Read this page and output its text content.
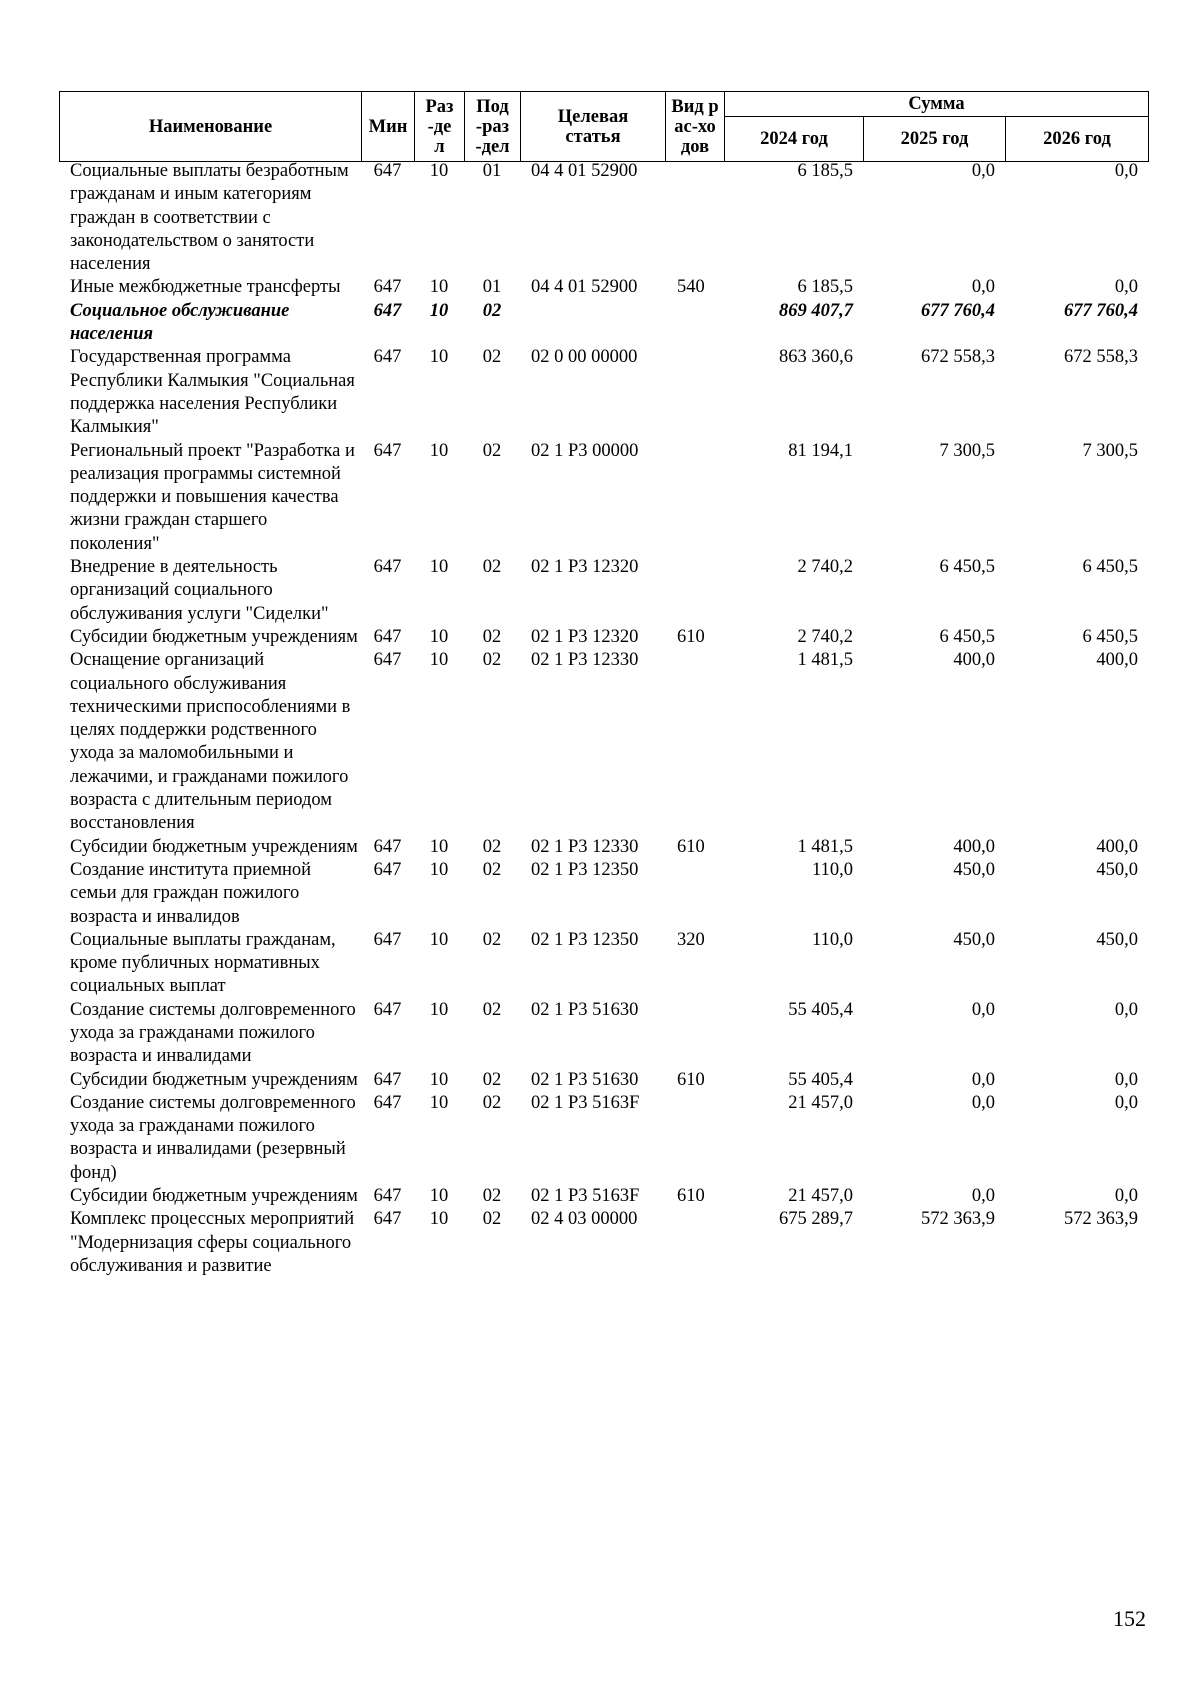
Наименование	Мин	Раз-дел	Под-раз-дел	Целевая статья	Вид рас-ходов	Сумма		
						2024 год	2025 год	2026 год
Социальные выплаты безработным гражданам и иным категориям граждан в соответствии с законодательством о занятости населения	647	10	01	04 4 01 52900		6 185,5	0,0	0,0
Иные межбюджетные трансферты	647	10	01	04 4 01 52900	540	6 185,5	0,0	0,0
Социальное обслуживание населения	647	10	02			869 407,7	677 760,4	677 760,4
Государственная программа Республики Калмыкия "Социальная поддержка населения Республики Калмыкия"	647	10	02	02 0 00 00000		863 360,6	672 558,3	672 558,3
Региональный проект "Разработка и реализация программы системной поддержки и повышения качества жизни граждан старшего поколения"	647	10	02	02 1 P3 00000		81 194,1	7 300,5	7 300,5
Внедрение в деятельность организаций социального обслуживания услуги "Сиделки"	647	10	02	02 1 P3 12320		2 740,2	6 450,5	6 450,5
Субсидии бюджетным учреждениям	647	10	02	02 1 P3 12320	610	2 740,2	6 450,5	6 450,5
Оснащение организаций социального обслуживания техническими приспособлениями в целях поддержки родственного ухода за маломобильными и лежачими, и гражданами пожилого возраста с длительным периодом восстановления	647	10	02	02 1 P3 12330		1 481,5	400,0	400,0
Субсидии бюджетным учреждениям	647	10	02	02 1 P3 12330	610	1 481,5	400,0	400,0
Создание института приемной семьи для граждан пожилого возраста и инвалидов	647	10	02	02 1 P3 12350		110,0	450,0	450,0
Социальные выплаты гражданам, кроме публичных нормативных социальных выплат	647	10	02	02 1 P3 12350	320	110,0	450,0	450,0
Создание системы долговременного ухода за гражданами пожилого возраста и инвалидами	647	10	02	02 1 P3 51630		55 405,4	0,0	0,0
Субсидии бюджетным учреждениям	647	10	02	02 1 P3 51630	610	55 405,4	0,0	0,0
Создание системы долговременного ухода за гражданами пожилого возраста и инвалидами (резервный фонд)	647	10	02	02 1 P3 5163F		21 457,0	0,0	0,0
Субсидии бюджетным учреждениям	647	10	02	02 1 P3 5163F	610	21 457,0	0,0	0,0
Комплекс процессных мероприятий "Модернизация сферы социального обслуживания и развитие	647	10	02	02 4 03 00000		675 289,7	572 363,9	572 363,9
152
